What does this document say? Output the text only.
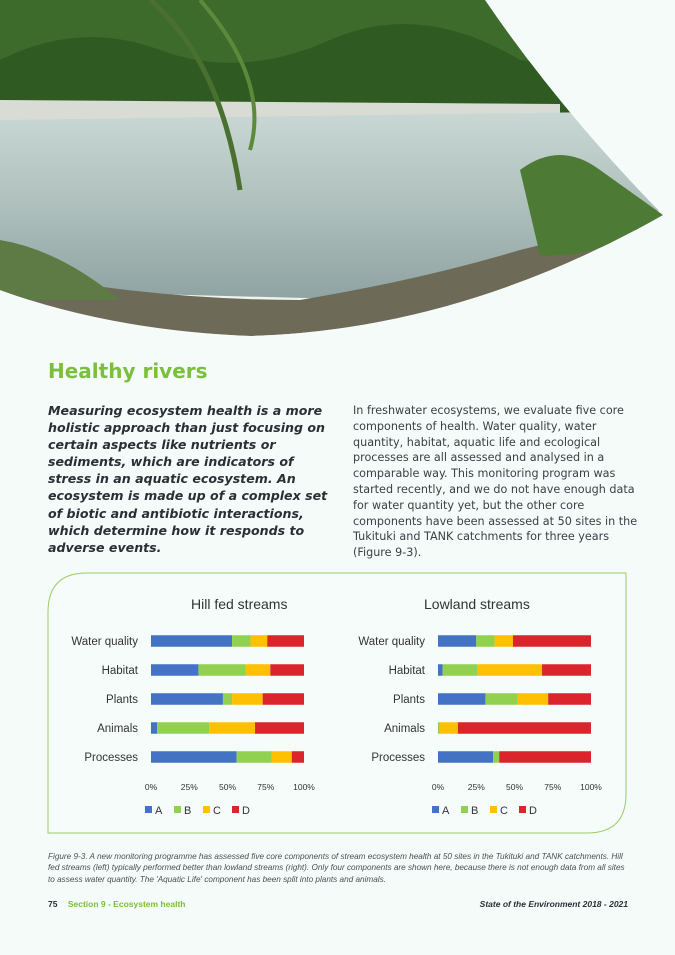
Healthy rivers

Measuring ecosystem health is a more holistic approach than just focusing on certain aspects like nutrients or sediments, which are indicators of stress in an aquatic ecosystem. An ecosystem is made up of a complex set of biotic and antibiotic interactions, which determine how it responds to adverse events.

In freshwater ecosystems, we evaluate five core components of health. Water quality, water quantity, habitat, aquatic life and ecological processes are all assessed and analysed in a comparable way. This monitoring program was started recently, and we do not have enough data for water quantity yet, but the other core components have been assessed at 50 sites in the Tukituki and TANK catchments for three years (Figure 9-3).

Hill fed streams
Water quality
Habitat
Plants
Animals
Processes
0%	25% 50% 75% 100%
A B C D
Lowland streams
Water quality
Habitat
Plants
Animals
Processes
0%	25% 50% 75% 100%
A B C D

Figure 9-3. A new monitoring programme has assessed five core components of stream ecosystem health at 50 sites in the Tukituki and TANK catchments. Hill fed streams (left) typically performed better than lowland streams (right). Only four components are shown here, because there is not enough data from all sites to assess water quantity. The 'Aquatic Life' component has been split into plants and animals.

75 Section 9 - Ecosystem health	State of the Environment 2018 - 2021
